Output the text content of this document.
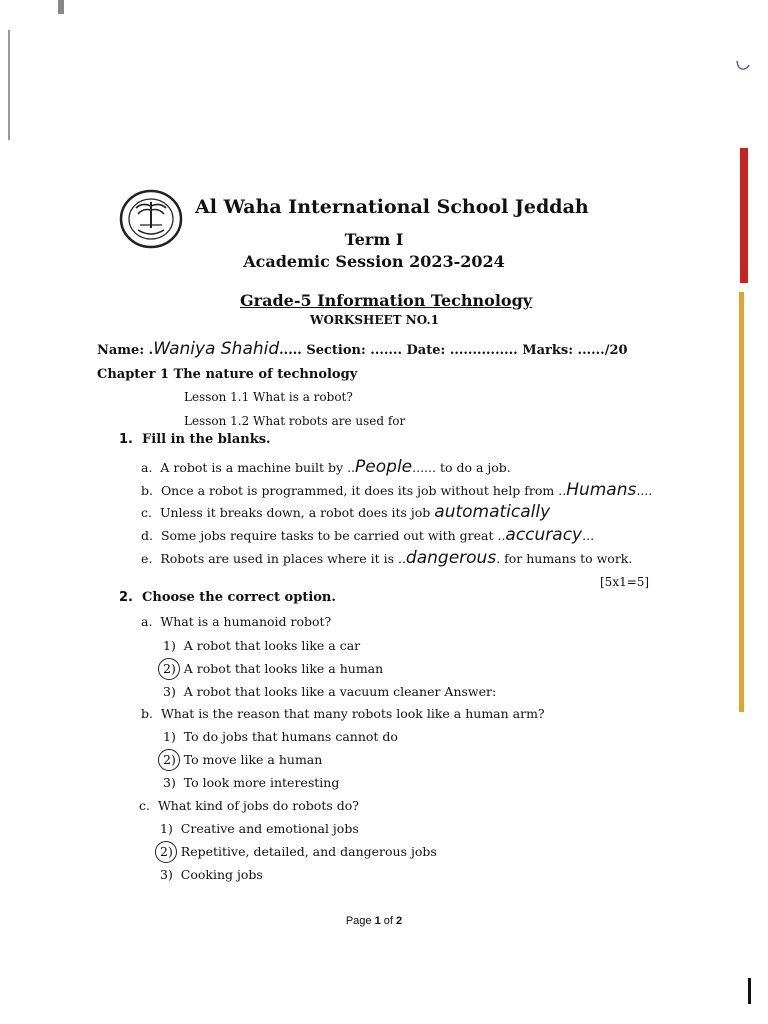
Al Waha International School Jeddah
Term I
Academic Session 2023-2024
Grade-5 Information Technology
WORKSHEET NO.1
Name: .Waniya Shahid..... Section: ....... Date: ............... Marks: ....../20
Chapter 1 The nature of technology
Lesson 1.1 What is a robot?
Lesson 1.2 What robots are used for
1. Fill in the blanks.
a. A robot is a machine built by ..People...... to do a job.
b. Once a robot is programmed, it does its job without help from ..Humans....
c. Unless it breaks down, a robot does its job automatically
d. Some jobs require tasks to be carried out with great ..accuracy...
e. Robots are used in places where it is ..dangerous. for humans to work.
[5x1=5]
2. Choose the correct option.
a. What is a humanoid robot?
1) A robot that looks like a car
2) A robot that looks like a human
3) A robot that looks like a vacuum cleaner Answer:
b. What is the reason that many robots look like a human arm?
1) To do jobs that humans cannot do
2) To move like a human
3) To look more interesting
c. What kind of jobs do robots do?
1) Creative and emotional jobs
2) Repetitive, detailed, and dangerous jobs
3) Cooking jobs
Page 1 of 2
